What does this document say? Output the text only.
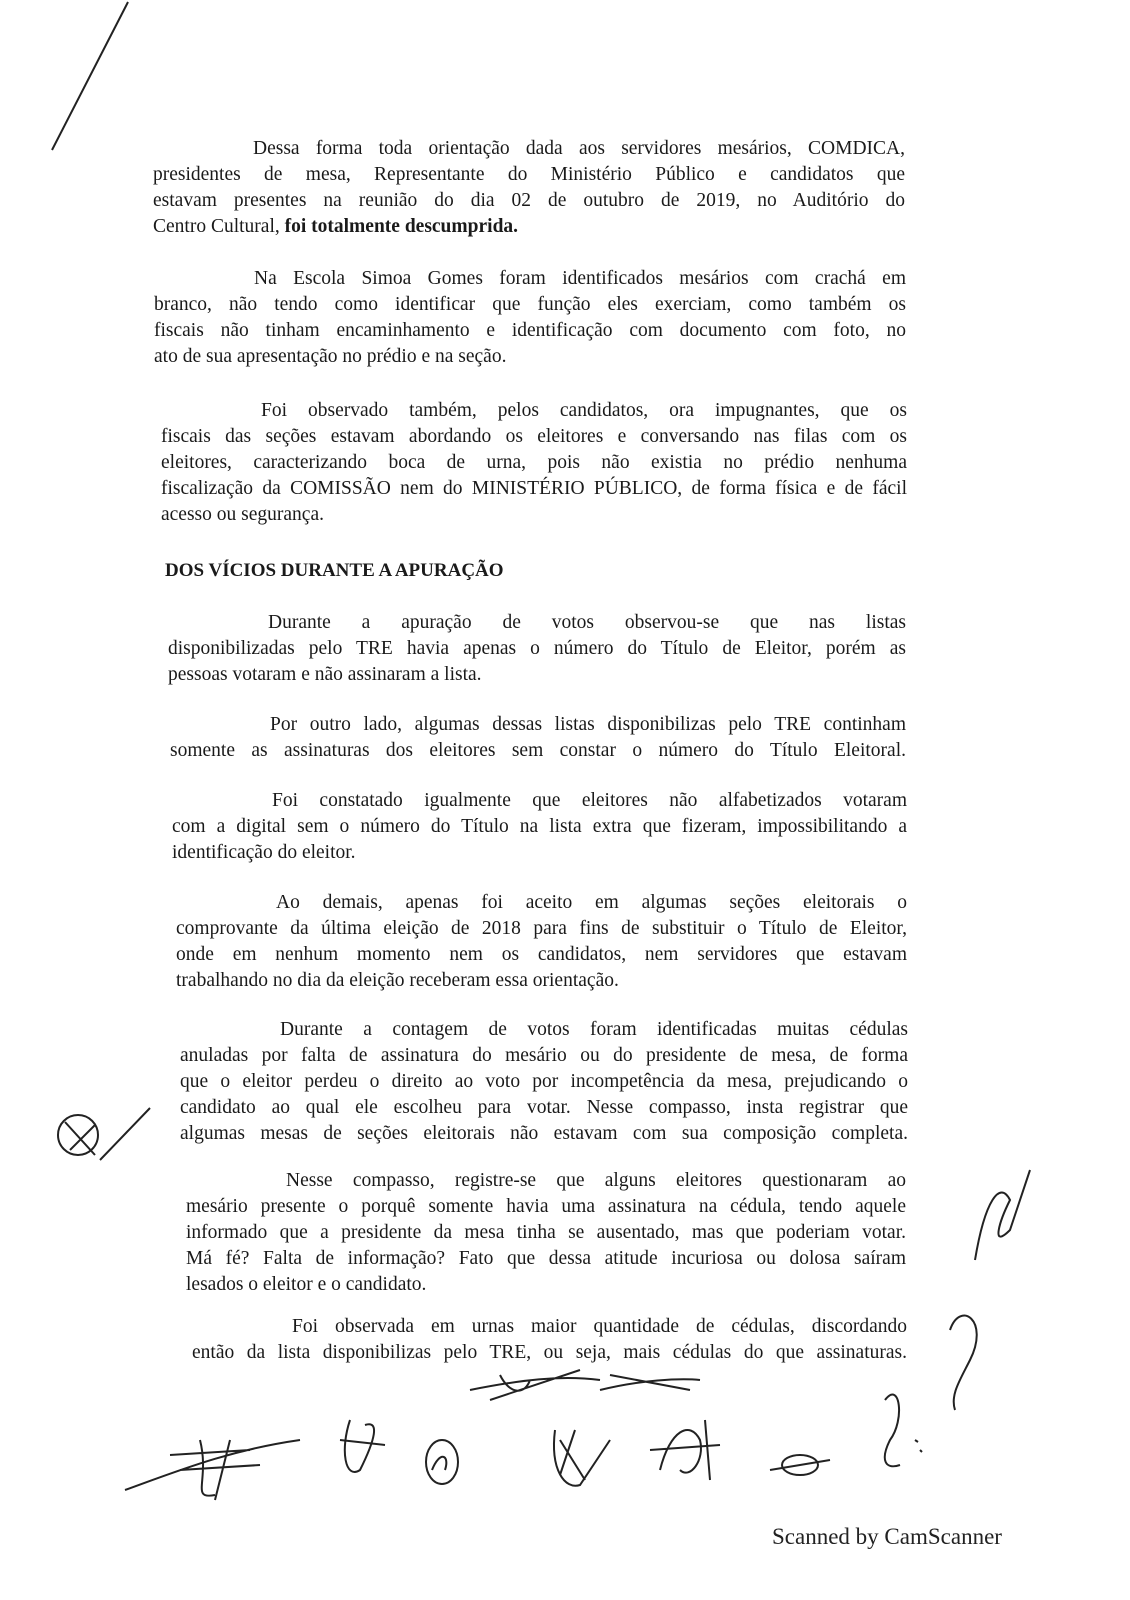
Dessa forma toda orientação dada aos servidores mesários, COMDICA,
presidentes de mesa, Representante do Ministério Público e candidatos que
estavam presentes na reunião do dia 02 de outubro de 2019, no Auditório do
Centro Cultural, foi totalmente descumprida.
Na Escola Simoa Gomes foram identificados mesários com crachá em
branco, não tendo como identificar que função eles exerciam, como também os
fiscais não tinham encaminhamento e identificação com documento com foto, no
ato de sua apresentação no prédio e na seção.
Foi observado também, pelos candidatos, ora impugnantes, que os
fiscais das seções estavam abordando os eleitores e conversando nas filas com os
eleitores, caracterizando boca de urna, pois não existia no prédio nenhuma
fiscalização da COMISSÃO nem do MINISTÉRIO PÚBLICO, de forma física e de fácil
acesso ou segurança.
DOS VÍCIOS DURANTE A APURAÇÃO
Durante a apuração de votos observou-se que nas listas
disponibilizadas pelo TRE havia apenas o número do Título de Eleitor, porém as
pessoas votaram e não assinaram a lista.
Por outro lado, algumas dessas listas disponibilizas pelo TRE continham
somente as assinaturas dos eleitores sem constar o número do Título Eleitoral.
Foi constatado igualmente que eleitores não alfabetizados votaram
com a digital sem o número do Título na lista extra que fizeram, impossibilitando a
identificação do eleitor.
Ao demais, apenas foi aceito em algumas seções eleitorais o
comprovante da última eleição de 2018 para fins de substituir o Título de Eleitor,
onde em nenhum momento nem os candidatos, nem servidores que estavam
trabalhando no dia da eleição receberam essa orientação.
Durante a contagem de votos foram identificadas muitas cédulas
anuladas por falta de assinatura do mesário ou do presidente de mesa, de forma
que o eleitor perdeu o direito ao voto por incompetência da mesa, prejudicando o
candidato ao qual ele escolheu para votar. Nesse compasso, insta registrar que
algumas mesas de seções eleitorais não estavam com sua composição completa.
Nesse compasso, registre-se que alguns eleitores questionaram ao
mesário presente o porquê somente havia uma assinatura na cédula, tendo aquele
informado que a presidente da mesa tinha se ausentado, mas que poderiam votar.
Má fé? Falta de informação? Fato que dessa atitude incuriosa ou dolosa saíram
lesados o eleitor e o candidato.
Foi observada em urnas maior quantidade de cédulas, discordando
então da lista disponibilizas pelo TRE, ou seja, mais cédulas do que assinaturas.
Scanned by CamScanner
